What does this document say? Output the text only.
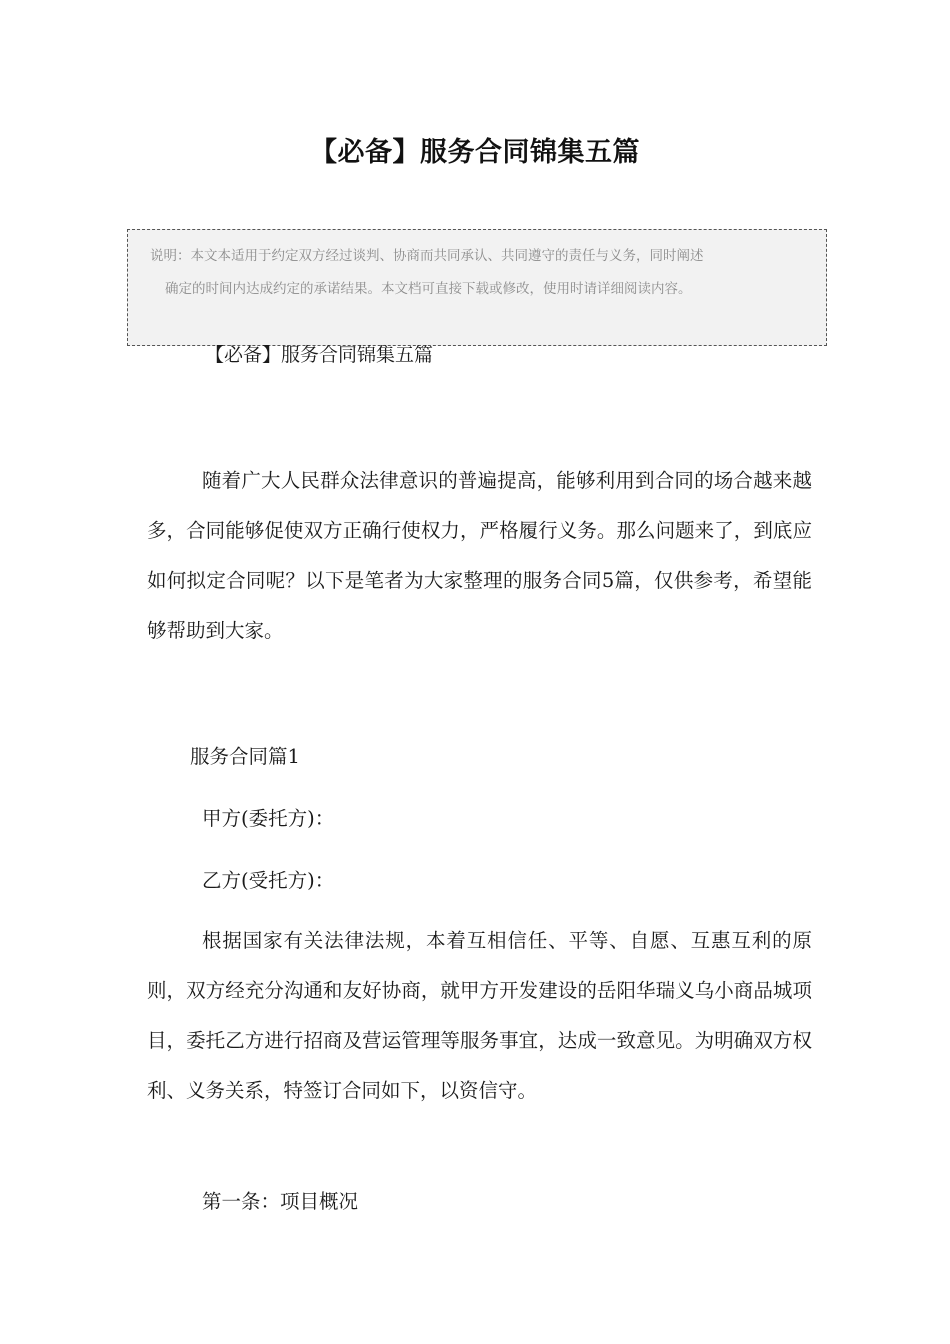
【必备】服务合同锦集五篇
说明：本文本适用于约定双方经过谈判、协商而共同承认、共同遵守的责任与义务，同时阐述
确定的时间内达成约定的承诺结果。本文档可直接下载或修改，使用时请详细阅读内容。
【必备】服务合同锦集五篇

随着广大人民群众法律意识的普遍提高，能够利用到合同的场合越来越多，合同能够促使双方正确行使权力，严格履行义务。那么问题来了，到底应如何拟定合同呢？以下是笔者为大家整理的服务合同5篇，仅供参考，希望能够帮助到大家。

服务合同篇1

甲方(委托方)：

乙方(受托方)：

根据国家有关法律法规，本着互相信任、平等、自愿、互惠互利的原则，双方经充分沟通和友好协商，就甲方开发建设的岳阳华瑞义乌小商品城项目，委托乙方进行招商及营运管理等服务事宜，达成一致意见。为明确双方权利、义务关系，特签订合同如下，以资信守。

第一条：项目概况
